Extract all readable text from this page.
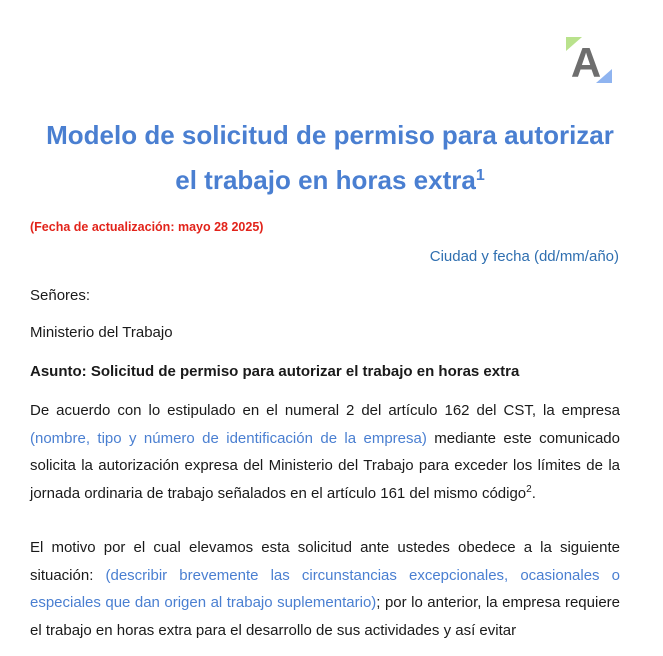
A
Modelo de solicitud de permiso para autorizar
el trabajo en horas extra$^1$
(Fecha de actualización: mayo 28 2025)
Ciudad y fecha (dd/mm/año)
Señores:
Ministerio del Trabajo
Asunto: Solicitud de permiso para autorizar el trabajo en horas extra

De acuerdo con lo estipulado en el numeral 2 del artículo 162 del CST, la empresa (nombre, tipo y número de identificación de la empresa) mediante este comunicado solicita la autorización expresa del Ministerio del Trabajo para exceder los límites de la jornada ordinaria de trabajo señalados en el artículo 161 del mismo código$^2$.

El motivo por el cual elevamos esta solicitud ante ustedes obedece a la siguiente situación: (describir brevemente las circunstancias excepcionales, ocasionales o especiales que dan origen al trabajo suplementario); por lo anterior, la empresa requiere el trabajo en horas extra para el desarrollo de sus actividades y así evitar
